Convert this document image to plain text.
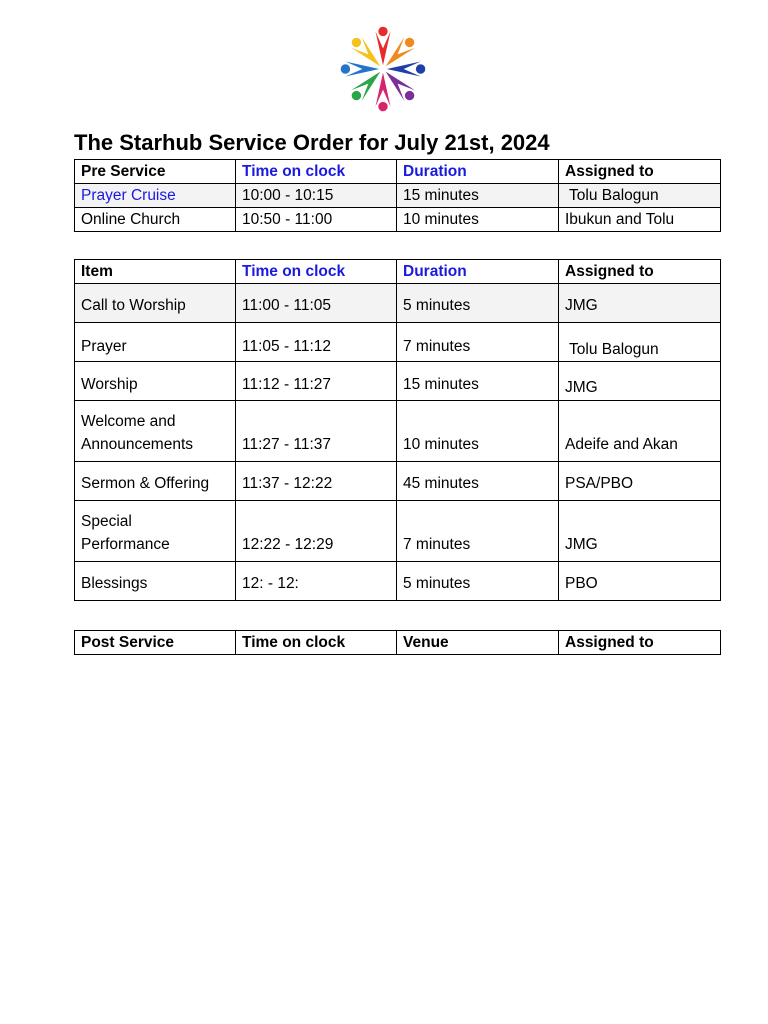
The Starhub Service Order for July 21st, 2024
Pre Service	Time on clock	Duration	Assigned to
Prayer Cruise	10:00 - 10:15	15 minutes	Tolu Balogun
Online Church	10:50 - 11:00	10 minutes	Ibukun and Tolu
Item	Time on clock	Duration	Assigned to
Call to Worship	11:00 - 11:05	5 minutes	JMG
Prayer	11:05 - 11:12	7 minutes	Tolu Balogun
Worship	11:12 - 11:27	15 minutes	JMG
Welcome and Announcements	11:27 - 11:37	10 minutes	Adeife and Akan
Sermon & Offering	11:37 - 12:22	45 minutes	PSA/PBO
Special Performance	12:22 - 12:29	7 minutes	JMG
Blessings	12: - 12:	5 minutes	PBO
Post Service	Time on clock	Venue	Assigned to
